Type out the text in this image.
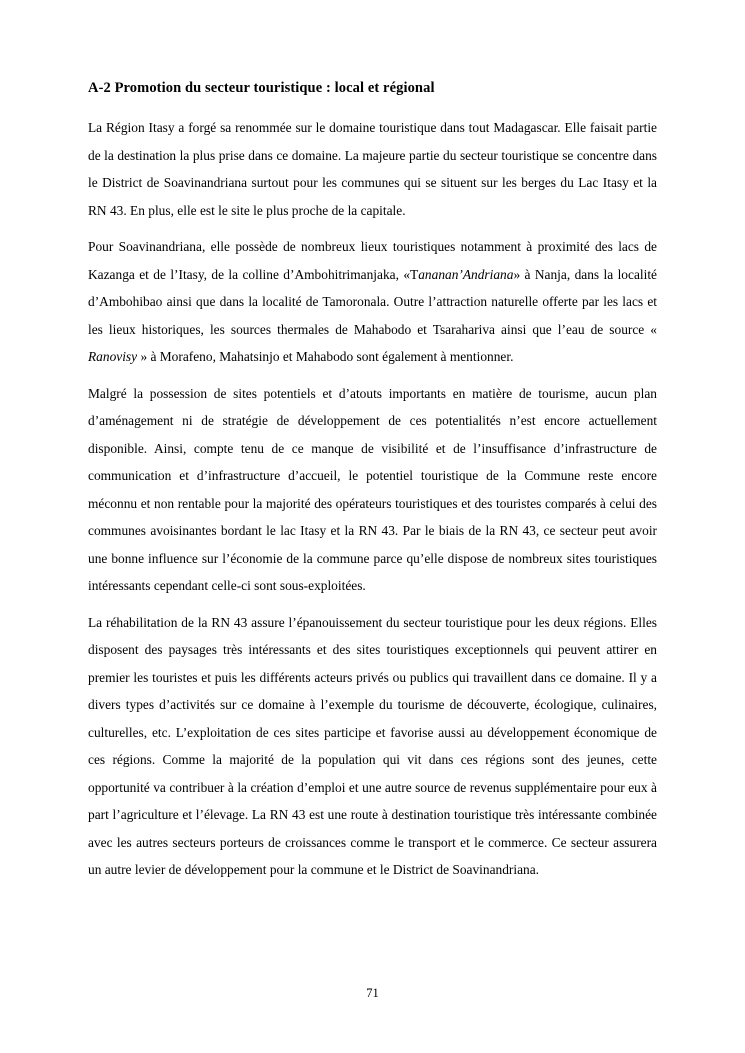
A-2 Promotion du secteur touristique : local et régional

La Région Itasy a forgé sa renommée sur le domaine touristique dans tout Madagascar. Elle faisait partie de la destination la plus prise dans ce domaine. La majeure partie du secteur touristique se concentre dans le District de Soavinandriana surtout pour les communes qui se situent sur les berges du Lac Itasy et la RN 43. En plus, elle est le site le plus proche de la capitale.

Pour Soavinandriana, elle possède de nombreux lieux touristiques notamment à proximité des lacs de Kazanga et de l’Itasy, de la colline d’Ambohitrimanjaka, «Tananan’Andriana» à Nanja, dans la localité d’Ambohibao ainsi que dans la localité de Tamoronala. Outre l’attraction naturelle offerte par les lacs et les lieux historiques, les sources thermales de Mahabodo et Tsarahariva ainsi que l’eau de source « Ranovisy » à Morafeno, Mahatsinjo et Mahabodo sont également à mentionner.

Malgré la possession de sites potentiels et d’atouts importants en matière de tourisme, aucun plan d’aménagement ni de stratégie de développement de ces potentialités n’est encore actuellement disponible. Ainsi, compte tenu de ce manque de visibilité et de l’insuffisance d’infrastructure de communication et d’infrastructure d’accueil, le potentiel touristique de la Commune reste encore méconnu et non rentable pour la majorité des opérateurs touristiques et des touristes comparés à celui des communes avoisinantes bordant le lac Itasy et la RN 43. Par le biais de la RN 43, ce secteur peut avoir une bonne influence sur l’économie de la commune parce qu’elle dispose de nombreux sites touristiques intéressants cependant celle-ci sont sous-exploitées.

La réhabilitation de la RN 43 assure l’épanouissement du secteur touristique pour les deux régions. Elles disposent des paysages très intéressants et des sites touristiques exceptionnels qui peuvent attirer en premier les touristes et puis les différents acteurs privés ou publics qui travaillent dans ce domaine. Il y a divers types d’activités sur ce domaine à l’exemple du tourisme de découverte, écologique, culinaires, culturelles, etc. L’exploitation de ces sites participe et favorise aussi au développement économique de ces régions. Comme la majorité de la population qui vit dans ces régions sont des jeunes, cette opportunité va contribuer à la création d’emploi et une autre source de revenus supplémentaire pour eux à part l’agriculture et l’élevage. La RN 43 est une route à destination touristique très intéressante combinée avec les autres secteurs porteurs de croissances comme le transport et le commerce. Ce secteur assurera un autre levier de développement pour la commune et le District de Soavinandriana.

71
